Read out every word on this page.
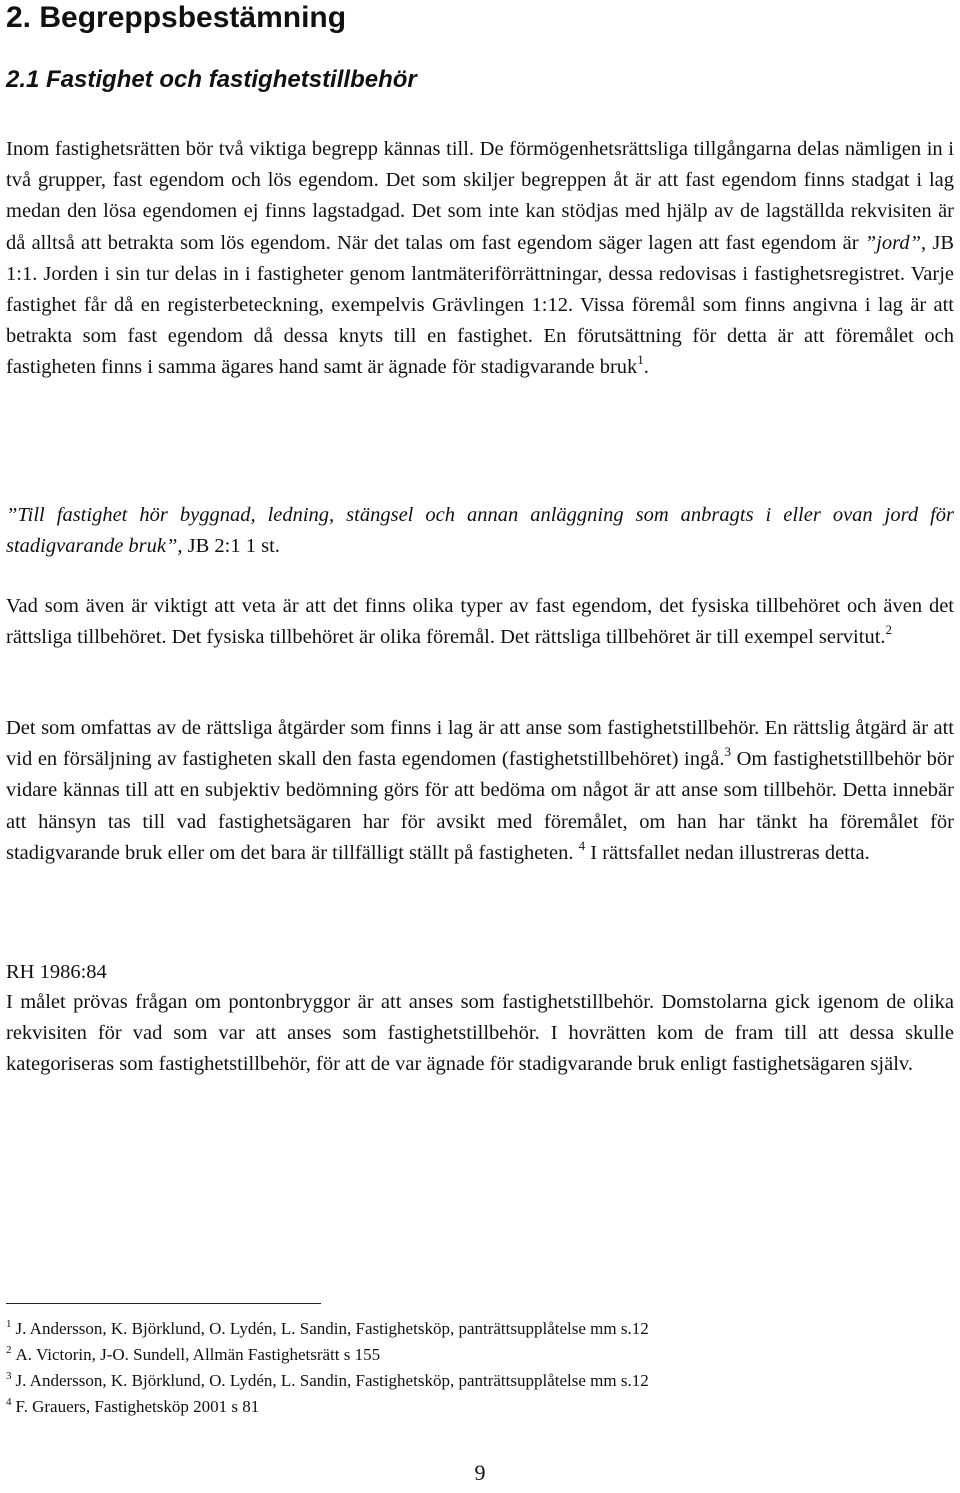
2. Begreppsbestämning
2.1 Fastighet och fastighetstillbehör

Inom fastighetsrätten bör två viktiga begrepp kännas till. De förmögenhetsrättsliga tillgångarna delas nämligen in i två grupper, fast egendom och lös egendom. Det som skiljer begreppen åt är att fast egendom finns stadgat i lag medan den lösa egendomen ej finns lagstadgad. Det som inte kan stödjas med hjälp av de lagställda rekvisiten är då alltså att betrakta som lös egendom. När det talas om fast egendom säger lagen att fast egendom är ”jord”, JB 1:1. Jorden i sin tur delas in i fastigheter genom lantmäteriförrättningar, dessa redovisas i fastighetsregistret. Varje fastighet får då en registerbeteckning, exempelvis Grävlingen 1:12. Vissa föremål som finns angivna i lag är att betrakta som fast egendom då dessa knyts till en fastighet. En förutsättning för detta är att föremålet och fastigheten finns i samma ägares hand samt är ägnade för stadigvarande bruk$^1$.

”Till fastighet hör byggnad, ledning, stängsel och annan anläggning som anbragts i eller ovan jord för stadigvarande bruk”, JB 2:1 1 st.

Vad som även är viktigt att veta är att det finns olika typer av fast egendom, det fysiska tillbehöret och även det rättsliga tillbehöret. Det fysiska tillbehöret är olika föremål. Det rättsliga tillbehöret är till exempel servitut.$^2$

Det som omfattas av de rättsliga åtgärder som finns i lag är att anse som fastighetstillbehör. En rättslig åtgärd är att vid en försäljning av fastigheten skall den fasta egendomen (fastighetstillbehöret) ingå.$^3$ Om fastighetstillbehör bör vidare kännas till att en subjektiv bedömning görs för att bedöma om något är att anse som tillbehör. Detta innebär att hänsyn tas till vad fastighetsägaren har för avsikt med föremålet, om han har tänkt ha föremålet för stadigvarande bruk eller om det bara är tillfälligt ställt på fastigheten. $^4$ I rättsfallet nedan illustreras detta.

RH 1986:84

I målet prövas frågan om pontonbryggor är att anses som fastighetstillbehör. Domstolarna gick igenom de olika rekvisiten för vad som var att anses som fastighetstillbehör. I hovrätten kom de fram till att dessa skulle kategoriseras som fastighetstillbehör, för att de var ägnade för stadigvarande bruk enligt fastighetsägaren själv.

$^1$ J. Andersson, K. Björklund, O. Lydén, L. Sandin, Fastighetsköp, panträttsupplåtelse mm s.12
$^2$ A. Victorin, J-O. Sundell, Allmän Fastighetsrätt s 155
$^3$ J. Andersson, K. Björklund, O. Lydén, L. Sandin, Fastighetsköp, panträttsupplåtelse mm s.12
$^4$ F. Grauers, Fastighetsköp 2001 s 81
9
